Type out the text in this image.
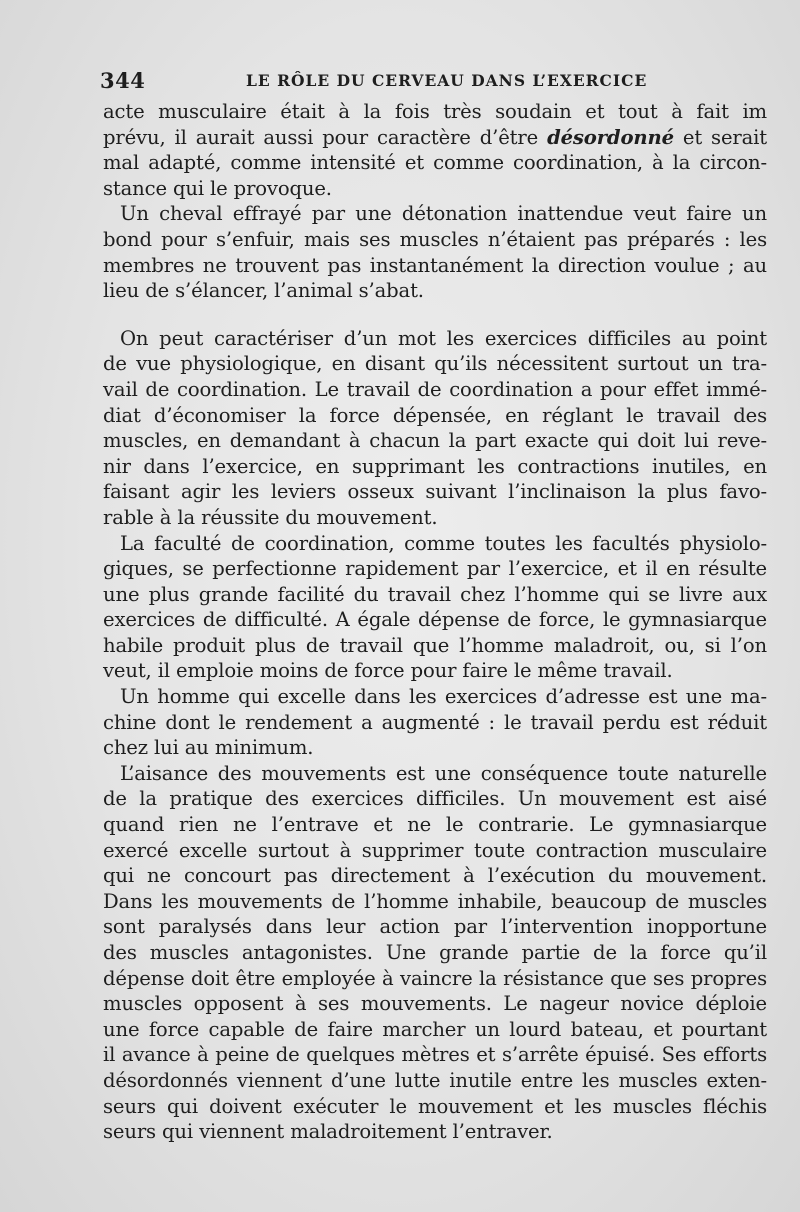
344	LE RÔLE DU CERVEAU DANS L’EXERCICE
acte musculaire était à la fois très soudain et tout à fait im
prévu, il aurait aussi pour caractère d’être désordonné et serait
mal adapté, comme intensité et comme coordination, à la circon-
stance qui le provoque.
Un cheval effrayé par une détonation inattendue veut faire un
bond pour s’enfuir, mais ses muscles n’étaient pas préparés : les
membres ne trouvent pas instantanément la direction voulue ; au
lieu de s’élancer, l’animal s’abat.
On peut caractériser d’un mot les exercices difficiles au point
de vue physiologique, en disant qu’ils nécessitent surtout un tra-
vail de coordination. Le travail de coordination a pour effet immé-
diat d’économiser la force dépensée, en réglant le travail des
muscles, en demandant à chacun la part exacte qui doit lui reve-
nir dans l’exercice, en supprimant les contractions inutiles, en
faisant agir les leviers osseux suivant l’inclinaison la plus favo-
rable à la réussite du mouvement.
La faculté de coordination, comme toutes les facultés physiolo-
giques, se perfectionne rapidement par l’exercice, et il en résulte
une plus grande facilité du travail chez l’homme qui se livre aux
exercices de difficulté. A égale dépense de force, le gymnasiarque
habile produit plus de travail que l’homme maladroit, ou, si l’on
veut, il emploie moins de force pour faire le même travail.
Un homme qui excelle dans les exercices d’adresse est une ma-
chine dont le rendement a augmenté : le travail perdu est réduit
chez lui au minimum.
L’aisance des mouvements est une conséquence toute naturelle
de la pratique des exercices difficiles. Un mouvement est aisé
quand rien ne l’entrave et ne le contrarie. Le gymnasiarque
exercé excelle surtout à supprimer toute contraction musculaire
qui ne concourt pas directement à l’exécution du mouvement.
Dans les mouvements de l’homme inhabile, beaucoup de muscles
sont paralysés dans leur action par l’intervention inopportune
des muscles antagonistes. Une grande partie de la force qu’il
dépense doit être employée à vaincre la résistance que ses propres
muscles opposent à ses mouvements. Le nageur novice déploie
une force capable de faire marcher un lourd bateau, et pourtant
il avance à peine de quelques mètres et s’arrête épuisé. Ses efforts
désordonnés viennent d’une lutte inutile entre les muscles exten-
seurs qui doivent exécuter le mouvement et les muscles fléchis
seurs qui viennent maladroitement l’entraver.
